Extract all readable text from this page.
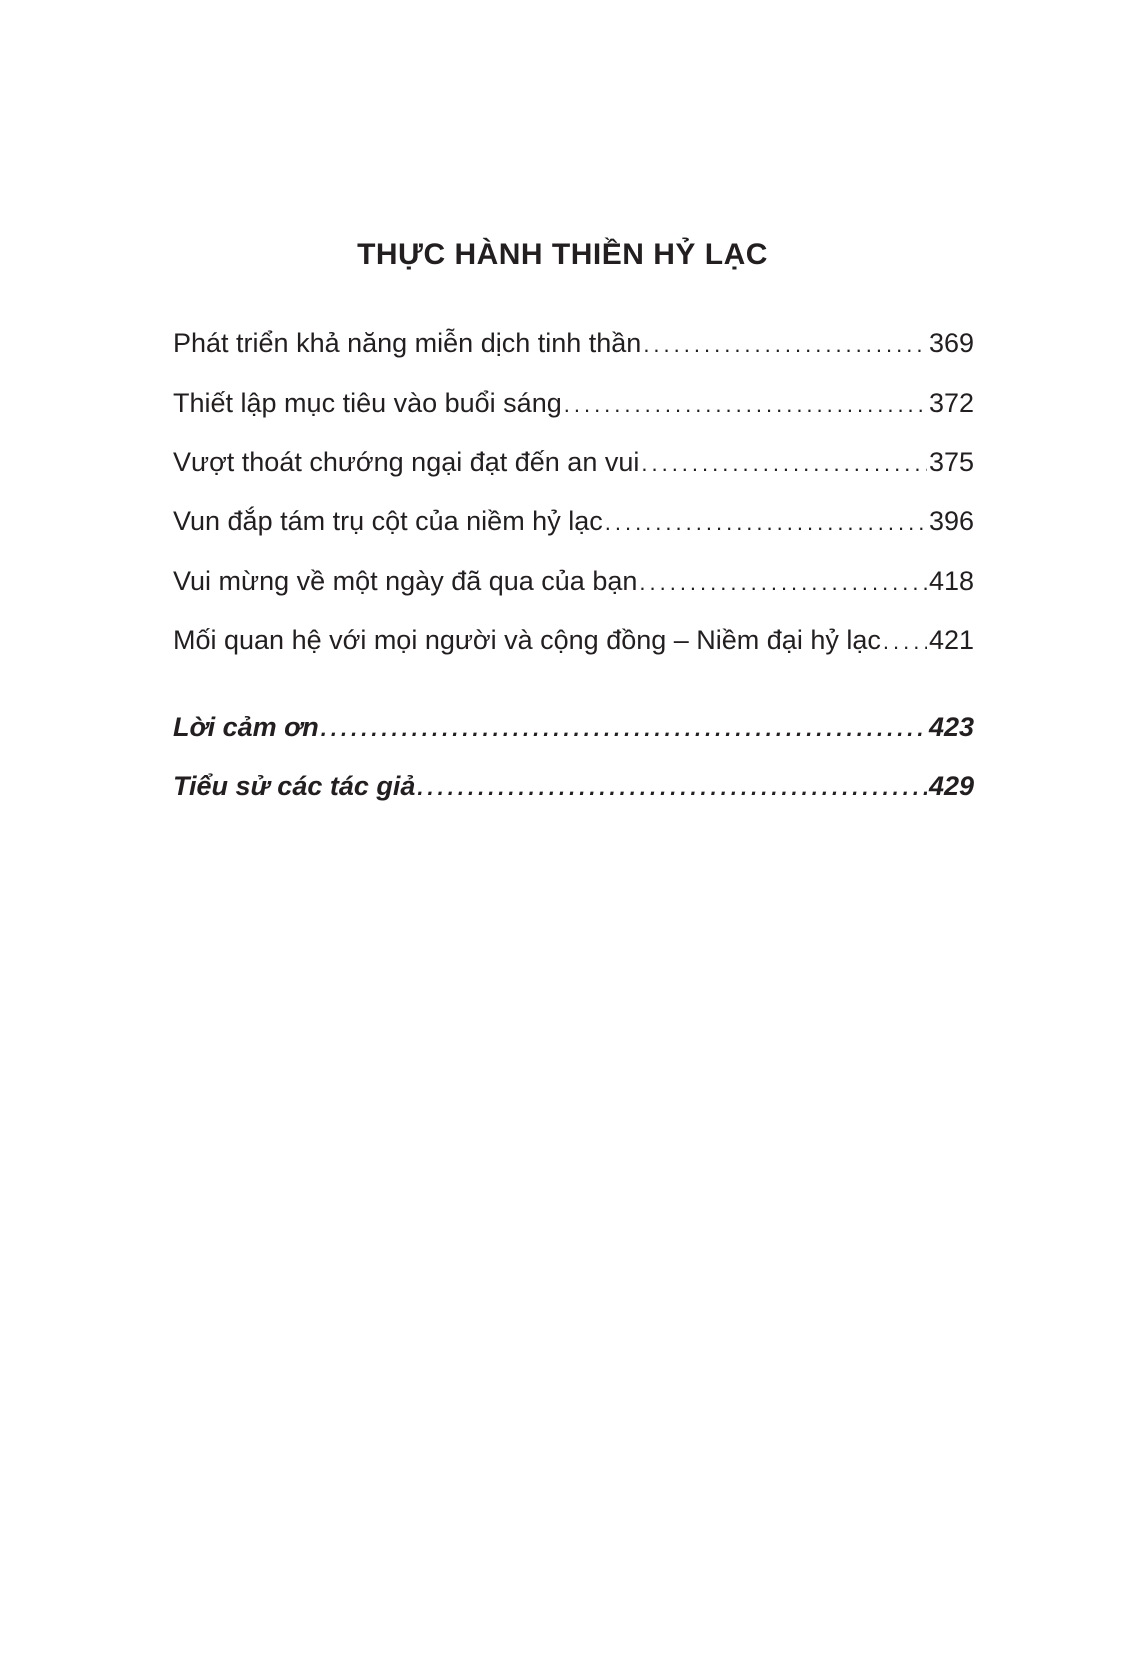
THỰC HÀNH THIỀN HỶ LẠC
Phát triển khả năng miễn dịch tinh thần .....	369
Thiết lập mục tiêu vào buổi sáng .....	372
Vượt thoát chướng ngại đạt đến an vui .....	375
Vun đắp tám trụ cột của niềm hỷ lạc .....	396
Vui mừng về một ngày đã qua của bạn .....	418
Mối quan hệ với mọi người và cộng đồng – Niềm đại hỷ lạc ..... 421
Lời cảm ơn .....	423
Tiểu sử các tác giả .....	429
